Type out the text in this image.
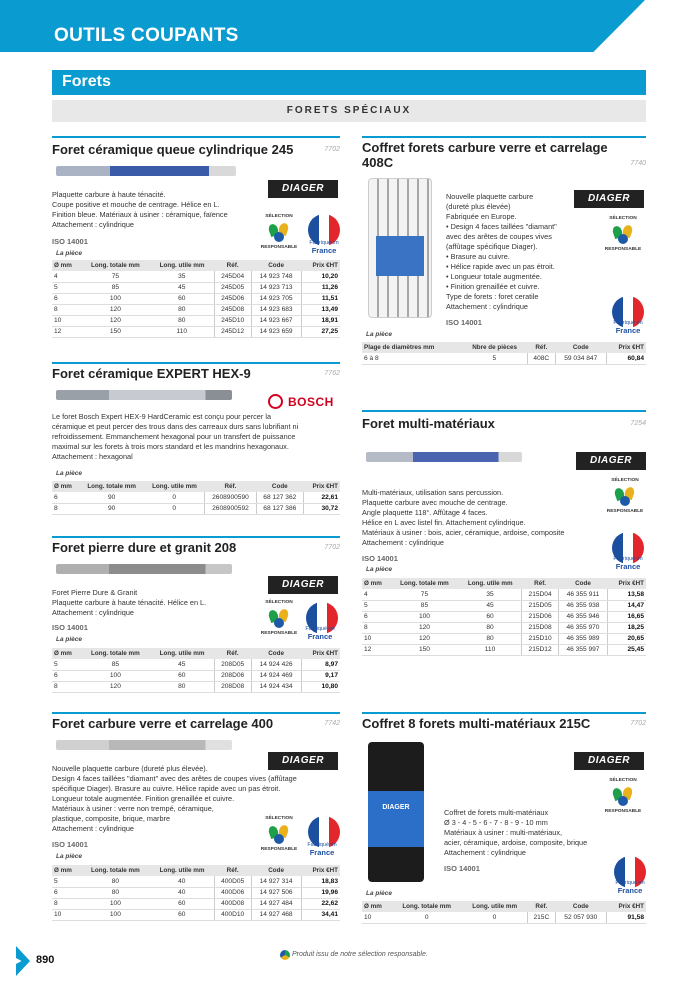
OUTILS COUPANTS
Forets
FORETS SPÉCIAUX
Foret céramique queue cylindrique 245	7702
DIAGER
Plaquette carbure à haute ténacité.
Coupe positive et mouche de centrage. Hélice en L.
Finition bleue. Matériaux à usiner : céramique, faïence
Attachement : cylindrique
SÉLECTION
RESPONSABLE
Fabriqué en
France
ISO 14001
La pièce
Ø mm	Long. totale mm	Long. utile mm	Réf.	Code	Prix €HT
4	75	35	245D04	14 923 748	10,20
5	85	45	245D05	14 923 713	11,26
6	100	60	245D06	14 923 705	11,51
8	120	80	245D08	14 923 683	13,49
10	120	80	245D10	14 923 667	18,91
12	150	110	245D12	14 923 659	27,25
Foret céramique EXPERT HEX-9	7762
BOSCH
Le foret Bosch Expert HEX-9 HardCeramic est conçu pour percer la
céramique et peut percer des trous dans des carreaux durs sans lubrifiant ni
refroidissement. Emmanchement hexagonal pour un transfert de puissance
maximal sur les forets à trois mors standard et les mandrins hexagonaux.
Attachement : hexagonal
La pièce
Ø mm	Long. totale mm	Long. utile mm	Réf.	Code	Prix €HT
6	90	0	2608900590	68 127 362	22,61
8	90	0	2608900592	68 127 386	30,72
Foret pierre dure et granit 208	7702
DIAGER
Foret Pierre Dure & Granit
Plaquette carbure à haute ténacité. Hélice en L.
Attachement : cylindrique
SÉLECTION
RESPONSABLE
Fabriqué en
France
ISO 14001
La pièce
Ø mm	Long. totale mm	Long. utile mm	Réf.	Code	Prix €HT
5	85	45	208D05	14 924 426	8,97
6	100	60	208D06	14 924 469	9,17
8	120	80	208D08	14 924 434	10,80
Foret carbure verre et carrelage 400	7742
DIAGER
Nouvelle plaquette carbure (dureté plus élevée).
Design 4 faces taillées "diamant" avec des arêtes de coupes vives (affûtage
spécifique Diager). Brasure au cuivre. Hélice rapide avec un pas étroit.
Longueur totale augmentée. Finition grenaillée et cuivre.
Matériaux à usiner : verre non trempé, céramique,
plastique, composite, brique, marbre
Attachement : cylindrique
SÉLECTION
RESPONSABLE
Fabriqué en
France
ISO 14001
La pièce
Ø mm	Long. totale mm	Long. utile mm	Réf.	Code	Prix €HT
5	80	40	400D05	14 927 314	18,83
6	80	40	400D06	14 927 506	19,96
8	100	60	400D08	14 927 484	22,62
10	100	60	400D10	14 927 468	34,41
Coffret forets carbure verre et carrelage 408C	7740
Nouvelle plaquette carbure
(dureté plus élevée)
Fabriquée en Europe.
• Design 4 faces taillées "diamant"
avec des arêtes de coupes vives
(affûtage spécifique Diager).
• Brasure au cuivre.
• Hélice rapide avec un pas étroit.
• Longueur totale augmentée.
• Finition grenaillée et cuivre.
Type de forets : foret ceratile
Attachement : cylindrique
DIAGER
SÉLECTION
RESPONSABLE
Fabriqué en
France
ISO 14001
La pièce
Plage de diamètres mm	Nbre de pièces	Réf.	Code	Prix €HT
6 à 8	5	408C	59 034 847	60,84
Foret multi-matériaux	7254
DIAGER
SÉLECTION
RESPONSABLE
Multi-matériaux, utilisation sans percussion.
Plaquette carbure avec mouche de centrage.
Angle plaquette 118°. Affûtage 4 faces.
Hélice en L avec listel fin. Attachement cylindrique.
Matériaux à usiner : bois, acier, céramique, ardoise, composite
Attachement : cylindrique
Fabriqué en
France
ISO 14001
La pièce
Ø mm	Long. totale mm	Long. utile mm	Réf.	Code	Prix €HT
4	75	35	215D04	46 355 911	13,58
5	85	45	215D05	46 355 938	14,47
6	100	60	215D06	46 355 946	16,65
8	120	80	215D08	46 355 970	18,25
10	120	80	215D10	46 355 989	20,65
12	150	110	215D12	46 355 997	25,45
Coffret 8 forets multi-matériaux 215C	7702
DIAGER
DIAGER
SÉLECTION
RESPONSABLE
Coffret de forets multi-matériaux
Ø 3 - 4 - 5 - 6 - 7 - 8 - 9 - 10 mm
Matériaux à usiner : multi-matériaux,
acier, céramique, ardoise, composite, brique
Attachement : cylindrique
Fabriqué en
France
ISO 14001
La pièce
Ø mm	Long. totale mm	Long. utile mm	Réf.	Code	Prix €HT
10	0	0	215C	52 057 930	91,58
890	Produit issu de notre sélection responsable.
